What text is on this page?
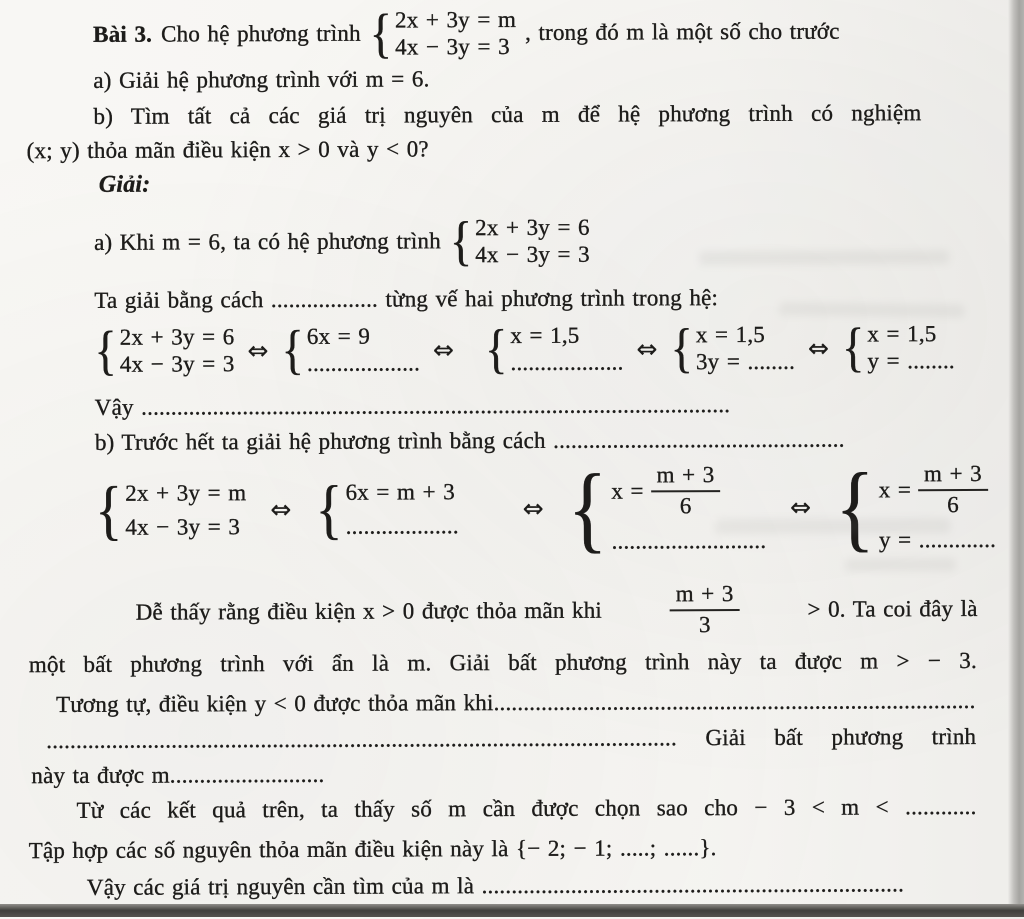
Bài 3. Cho hệ phương trình { 2x + 3y = m
4x − 3y = 3
, trong đó m là một số cho trước
a) Giải hệ phương trình với m = 6.
b) Tìm tất cả các giá trị nguyên của m để hệ phương trình có nghiệm
(x; y) thỏa mãn điều kiện x > 0 và y < 0?
Giải:
a) Khi m = 6, ta có hệ phương trình { 2x + 3y = 6
4x − 3y = 3
Ta giải bằng cách .................. từng vế hai phương trình trong hệ:
{ 2x + 3y = 6
4x − 3y = 3 ⇔ { 6x = 9
................... ⇔ { x = 1,5
................... ⇔ { x = 1,5
3y = ........ ⇔ { x = 1,5
y = ........
Vậy ...................................................................................................
b) Trước hết ta giải hệ phương trình bằng cách .................................................
{ 2x + 3y = m
4x − 3y = 3
⇔ { 6x = m + 3
...................
⇔ { $x = \frac{m + 3}{6}$
..........................
⇔ { $x = \frac{m + 3}{6}$
y = .............
Dễ thấy rằng điều kiện x > 0 được thỏa mãn khi	$\frac{m + 3}{3}$	> 0. Ta coi đây là
một bất phương trình với ẩn là m. Giải bất phương trình này ta được m > − 3.
Tương tự, điều kiện y < 0 được thỏa mãn khi.................................................................................
.......................................................................................................... Giải bất phương trình
này ta được m..........................
Từ các kết quả trên, ta thấy số m cần được chọn sao cho − 3 < m < ............
Tập hợp các số nguyên thỏa mãn điều kiện này là {− 2; − 1; .....; ......}.
Vậy các giá trị nguyên cần tìm của m là .......................................................................
